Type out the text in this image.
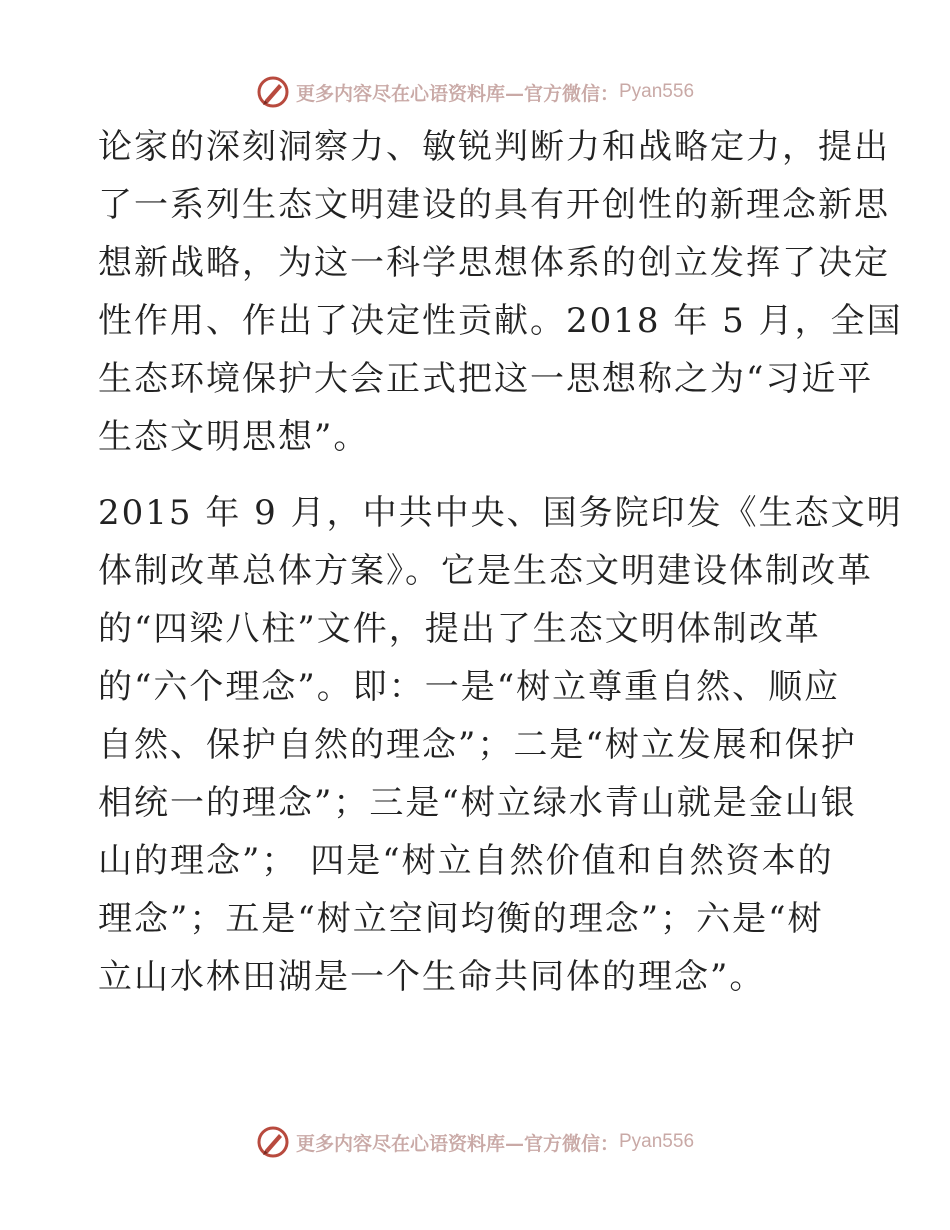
更多内容尽在心语资料库—官方微信： Pyan556
论家的深刻洞察力、敏锐判断力和战略定力，提出
了一系列生态文明建设的具有开创性的新理念新思
想新战略，为这一科学思想体系的创立发挥了决定
性作用、作出了决定性贡献。2018 年 5 月，全国
生态环境保护大会正式把这一思想称之为“习近平
生态文明思想”。
2015 年 9 月，中共中央、国务院印发《生态文明
体制改革总体方案》。它是生态文明建设体制改革
的“四梁八柱”文件，提出了生态文明体制改革
的“六个理念”。即：一是“树立尊重自然、顺应
自然、保护自然的理念”；二是“树立发展和保护
相统一的理念”；三是“树立绿水青山就是金山银
山的理念”； 四是“树立自然价值和自然资本的
理念”；五是“树立空间均衡的理念”；六是“树
立山水林田湖是一个生命共同体的理念”。
更多内容尽在心语资料库—官方微信： Pyan556
